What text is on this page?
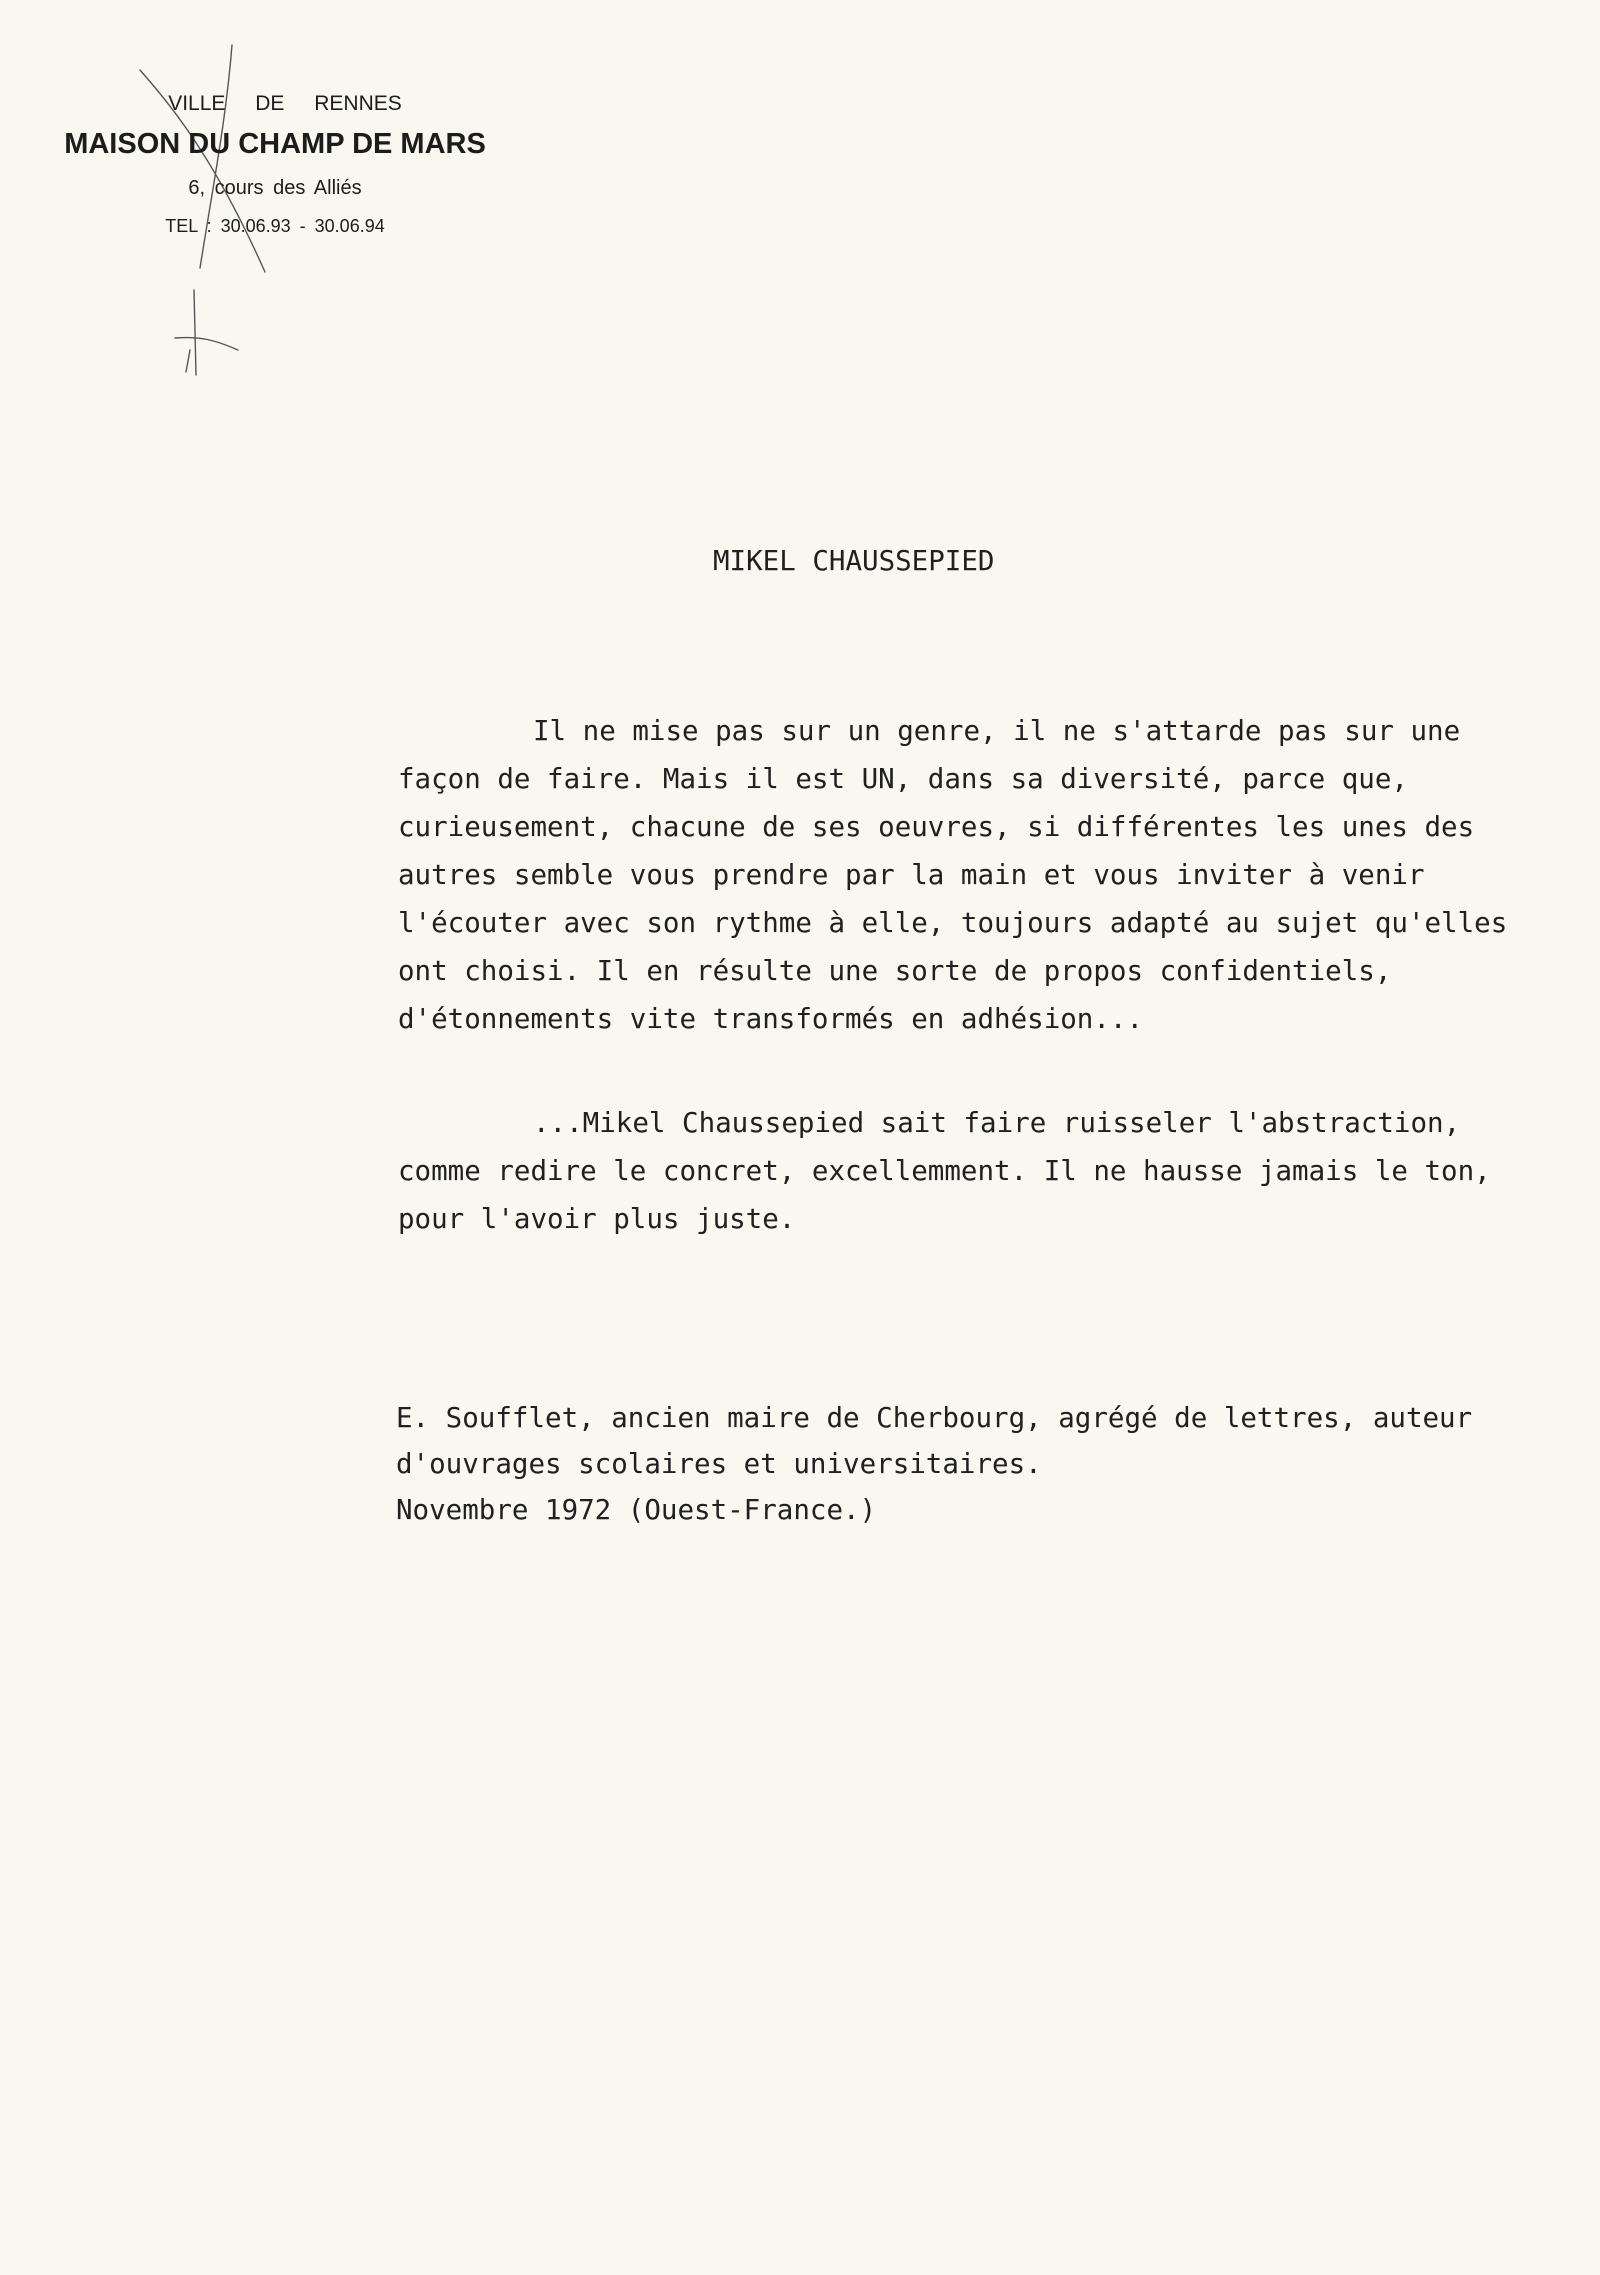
VILLE DE RENNES
MAISON DU CHAMP DE MARS
6, cours des Alliés
TEL : 30.06.93 - 30.06.94
MIKEL CHAUSSEPIED
Il ne mise pas sur un genre, il ne s'attarde pas sur une façon de faire. Mais il est UN, dans sa diversité, parce que, curieusement, chacune de ses oeuvres, si différentes les unes des autres semble vous prendre par la main et vous inviter à venir l'écouter avec son rythme à elle, toujours adapté au sujet qu'elles ont choisi. Il en résulte une sorte de propos confidentiels, d'étonnements vite transformés en adhésion...
...Mikel Chaussepied sait faire ruisseler l'abstraction, comme redire le concret, excellemment. Il ne hausse jamais le ton, pour l'avoir plus juste.
E. Soufflet, ancien maire de Cherbourg, agrégé de lettres, auteur
d'ouvrages scolaires et universitaires.
Novembre 1972 (Ouest-France.)
